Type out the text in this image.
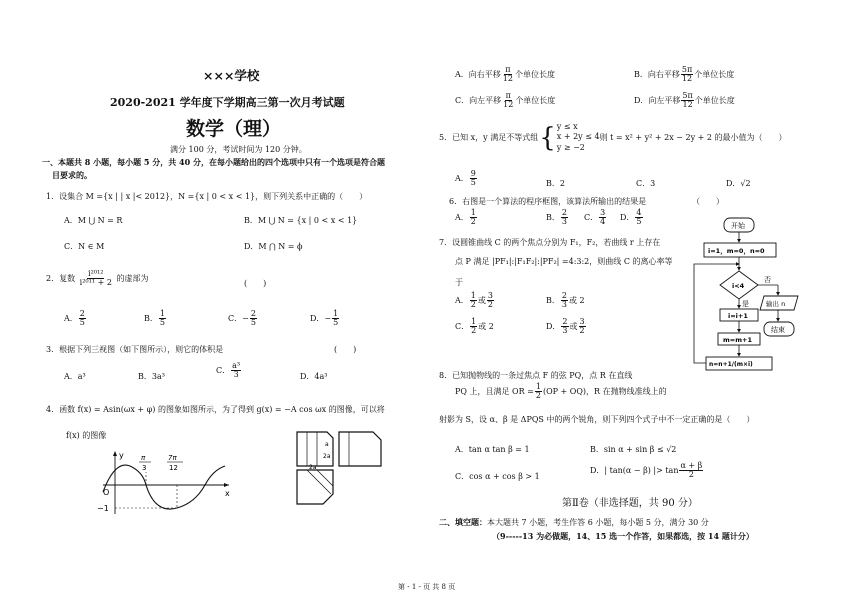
×××学校
2020-2021 学年度下学期高三第一次月考试题
数学（理）
满分 100 分，考试时间为 120 分钟。
一、本题共 8 小题，每小题 5 分，共 40 分，在每小题给出的四个选项中只有一个选项是符合题
目要求的。
1．设集合 M ={x | | x |< 2012}，N ={x | 0 < x < 1}，则下列关系中正确的（　　）
A．M ⋃ N = R	B．M ⋃ N = {x | 0 < x < 1}
C．N ∈ M	D．M ⋂ N = ϕ
2．复数 $\frac{\text{i²⁰¹²}}{\text{i²⁰¹¹ + 2}}$ 的虚部为
(　　)
A． $\frac{2}{5}$	B． $\frac{1}{5}$	C．− $\frac{2}{5}$	D．− $\frac{1}{5}$
3．根据下列三视图（如下图所示），则它的体积是	(　　)
A．a³	B．3a³
C． $\frac{\text{a³}}{3}$	D．4a³
4．函数 f(x) = Asin(ωx + φ) 的图象如图所示，为了得到 g(x) = −A cos ωx 的图像，可以将
f(x) 的图像
y
x
O
−1
π
3
7π
12
a
2a
2a
A．向右平移 $\frac{\pi}{12}$ 个单位长度	B．向右平移 $\frac{5\pi}{12}$ 个单位长度
C．向左平移 $\frac{\pi}{12}$ 个单位长度	D．向左平移 $\frac{5\pi}{12}$ 个单位长度
5．已知 x，y 满足不等式组 { y ≤ x
x + 2y ≤ 4
y ≥ −2
则 t = x² + y² + 2x − 2y + 2 的最小值为（　　）
A． $\frac{9}{5}$	B．2	C．3	D．√2
6．右图是一个算法的程序框图，该算法所输出的结果是	（　　）
A． $\frac{1}{2}$	B． $\frac{2}{3}$ C． $\frac{3}{4}$ D． $\frac{4}{5}$
7．设圆锥曲线 C 的两个焦点分别为 F₁，F₂，若曲线 r 上存在
点 P 满足 |PF₁|:|F₁F₂|:|PF₂| =4:3:2，则曲线 C 的离心率等
于
A． $\frac{1}{2}$ 或 $\frac{3}{2}$	B． $\frac{2}{3}$ 或 2
C． $\frac{1}{2}$ 或 2	D． $\frac{2}{3}$ 或 $\frac{3}{2}$
开始
i=1，m=0，n=0
i<4
否
输出 n
结束
是
i=i+1
m=m+1
n=n+1/(m×i)
8．已知抛物线的一条过焦点 F 的弦 PQ，点 R 在直线
PQ 上，且满足 OR = $\frac{1}{2} (OP + OQ)$，R 在抛物线准线上的
射影为 S，设 α、β 是 ΔPQS 中的两个锐角，则下列四个式子中不一定正确的是（　　）
A．tan α tan β = 1	B．sin α + sin β ≤ √2
C．cos α + cos β > 1
D．| tan(α − β) |> $\tan \frac{\alpha + \beta}{2}$
第Ⅱ卷（非选择题，共 90 分）
二、填空题：本大题共 7 小题，考生作答 6 小题，每小题 5 分，满分 30 分
（9-----13 为必做题，14、15 选一个作答，如果都选，按 14 题计分）
第 - 1 - 页 共 8 页
